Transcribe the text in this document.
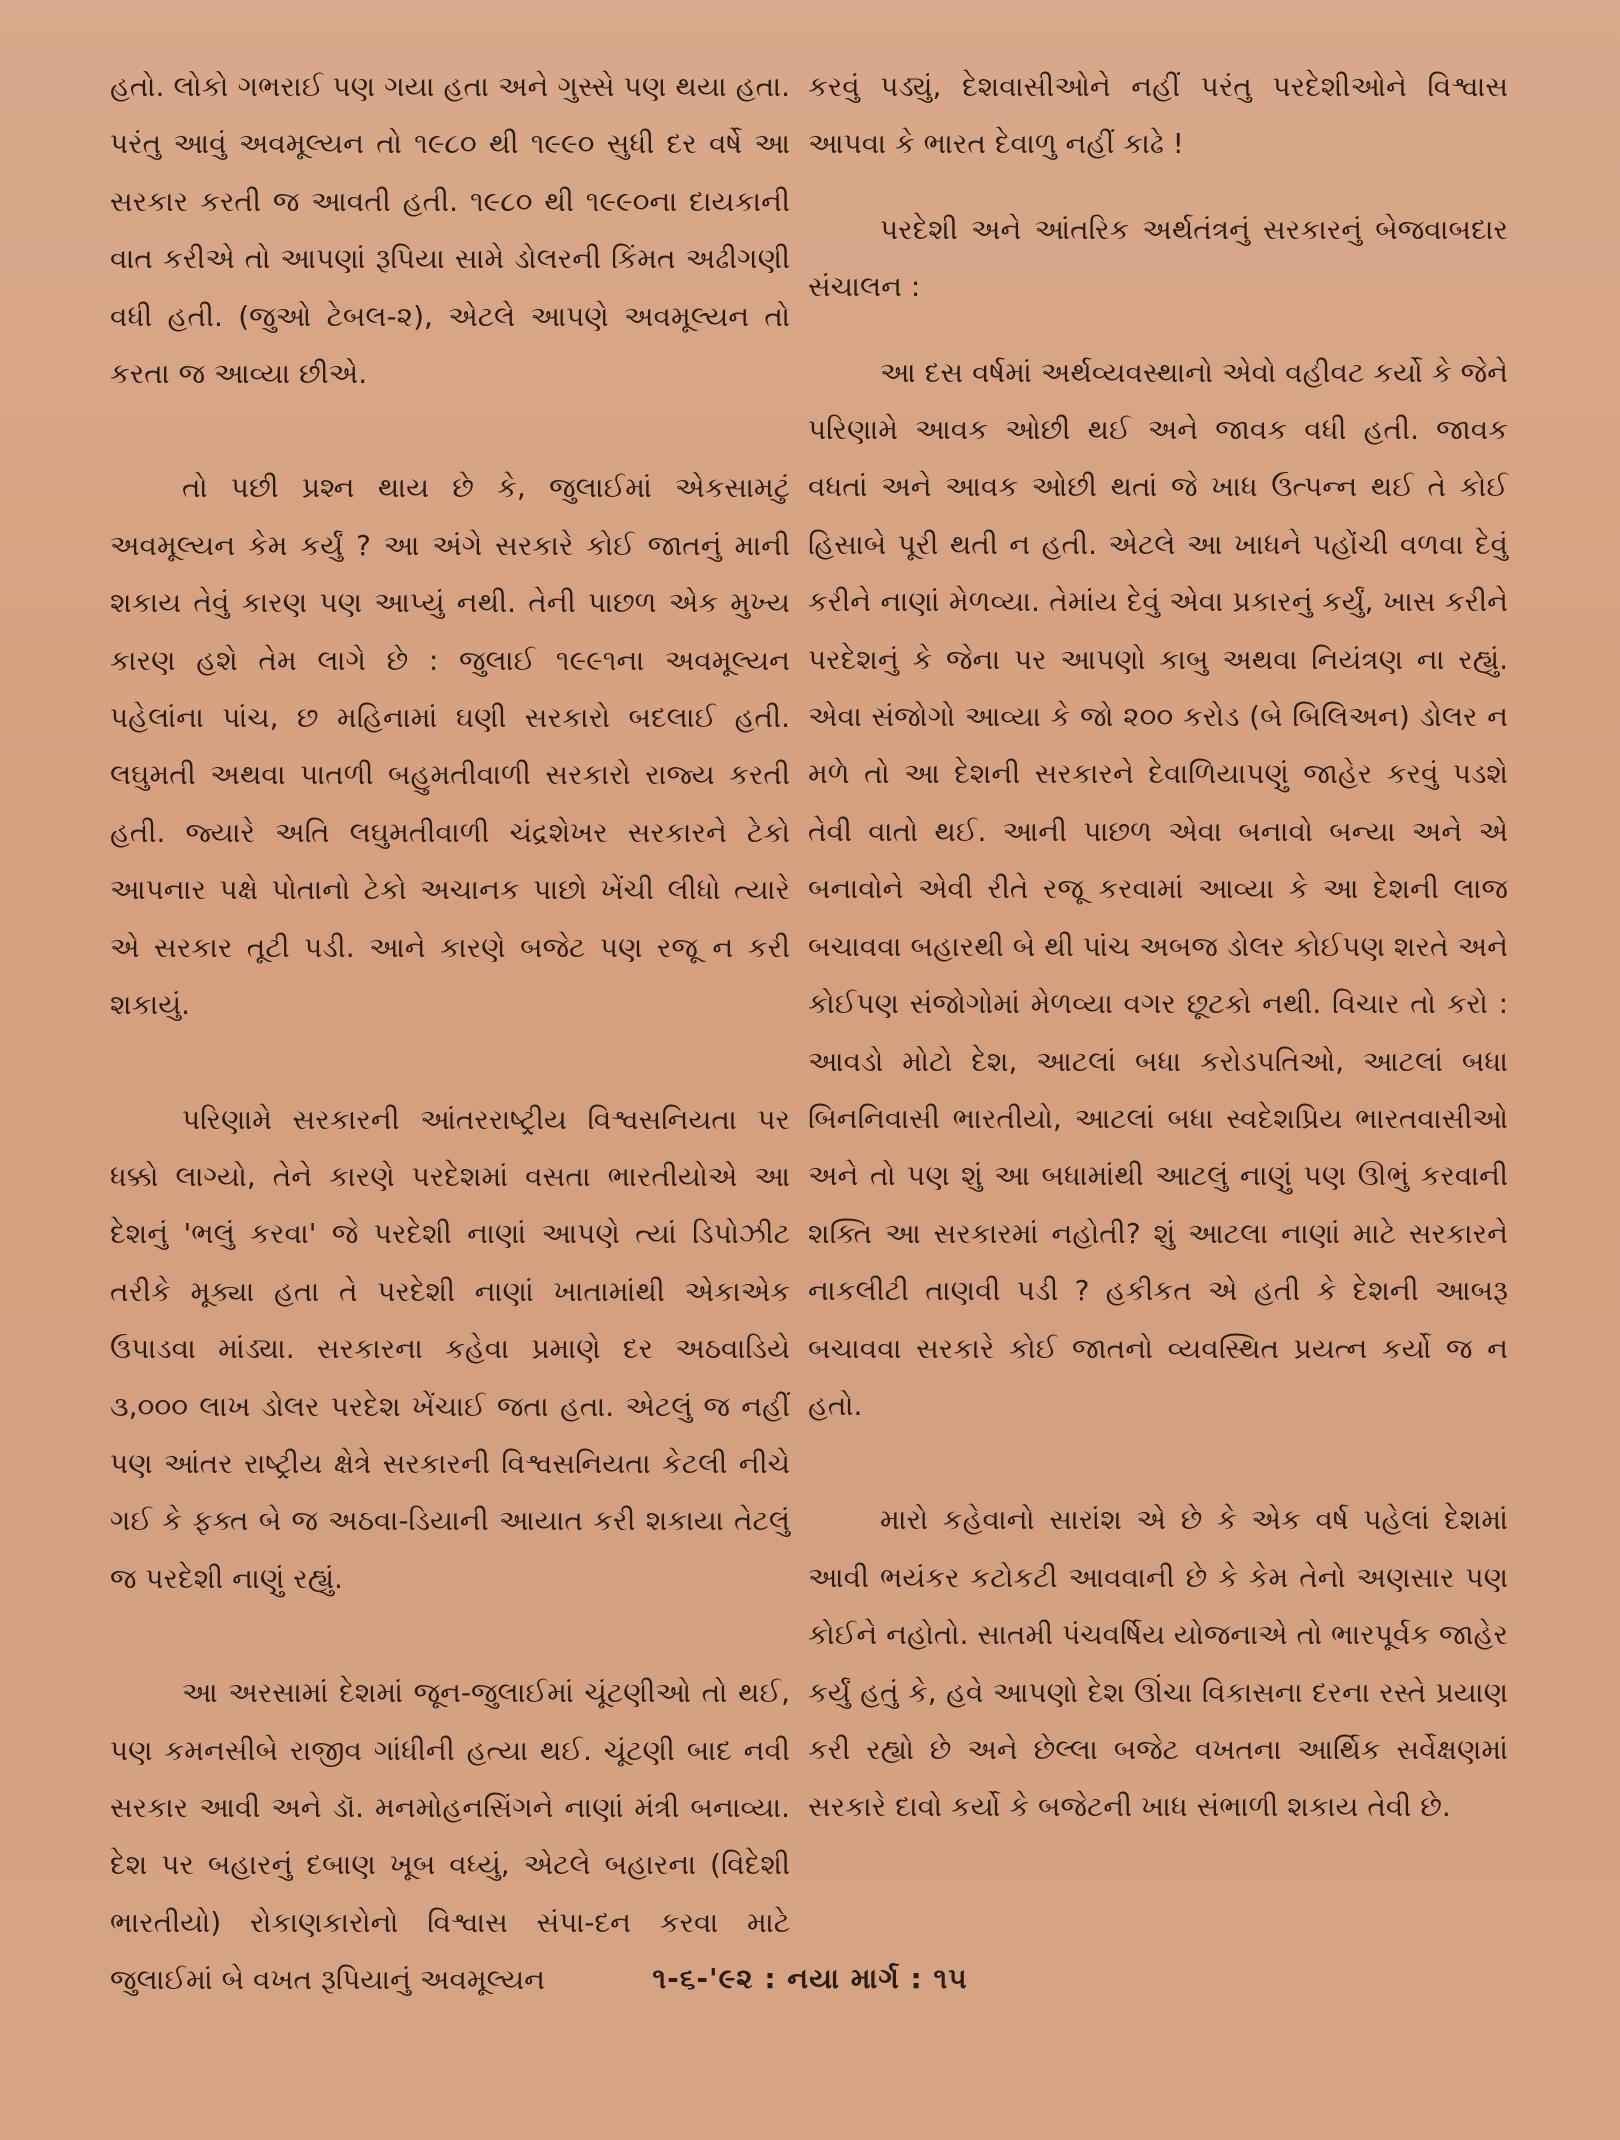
હતો. લોકો ગભરાઈ પણ ગયા હતા અને ગુસ્સે પણ થયા હતા. પરંતુ આવું અવમૂલ્યન તો ૧૯૮૦ થી ૧૯૯૦ સુધી દર વર્ષે આ સરકાર કરતી જ આવતી હતી. ૧૯૮૦ થી ૧૯૯૦ના દાયકાની વાત કરીએ તો આપણાં રૂપિયા સામે ડોલરની કિંમત અઢીગણી વધી હતી. (જુઓ ટેબલ-૨), એટલે આપણે અવમૂલ્યન તો કરતા જ આવ્યા છીએ.

તો પછી પ્રશ્ન થાય છે કે, જુલાઈમાં એકસામટું અવમૂલ્યન કેમ કર્યું ? આ અંગે સરકારે કોઈ જાતનું માની શકાય તેવું કારણ પણ આપ્યું નથી. તેની પાછળ એક મુખ્ય કારણ હશે તેમ લાગે છે : જુલાઈ ૧૯૯૧ના અવમૂલ્યન પહેલાંના પાંચ, છ મહિનામાં ઘણી સરકારો બદલાઈ હતી. લઘુમતી અથવા પાતળી બહુમતીવાળી સરકારો રાજ્ય કરતી હતી. જ્યારે અતિ લઘુમતીવાળી ચંદ્રશેખર સરકારને ટેકો આપનાર પક્ષે પોતાનો ટેકો અચાનક પાછો ખેંચી લીધો ત્યારે એ સરકાર તૂટી પડી. આને કારણે બજેટ પણ રજૂ ન કરી શકાયું.

પરિણામે સરકારની આંતરરાષ્ટ્રીય વિશ્વસનિયતા પર ધક્કો લાગ્યો, તેને કારણે પરદેશમાં વસતા ભારતીયોએ આ દેશનું 'ભલું કરવા' જે પરદેશી નાણાં આપણે ત્યાં ડિપોઝીટ તરીકે મૂક્યા હતા તે પરદેશી નાણાં ખાતામાંથી એકાએક ઉપાડવા માંડ્યા. સરકારના કહેવા પ્રમાણે દર અઠવાડિયે ૩,૦૦૦ લાખ ડોલર પરદેશ ખેંચાઈ જતા હતા. એટલું જ નહીં પણ આંતર રાષ્ટ્રીય ક્ષેત્રે સરકારની વિશ્વસનિયતા કેટલી નીચે ગઈ કે ફક્ત બે જ અઠવા-ડિયાની આયાત કરી શકાયા તેટલું જ પરદેશી નાણું રહ્યું.

આ અરસામાં દેશમાં જૂન-જુલાઈમાં ચૂંટણીઓ તો થઈ, પણ કમનસીબે રાજીવ ગાંધીની હત્યા થઈ. ચૂંટણી બાદ નવી સરકાર આવી અને ડૉ. મનમોહનસિંગને નાણાં મંત્રી બનાવ્યા. દેશ પર બહારનું દબાણ ખૂબ વધ્યું, એટલે બહારના (વિદેશી ભારતીયો) રોકાણકારોનો વિશ્વાસ સંપા-દન કરવા માટે જુલાઈમાં બે વખત રૂપિયાનું અવમૂલ્યન

કરવું પડ્યું, દેશવાસીઓને નહીં પરંતુ પરદેશીઓને વિશ્વાસ આપવા કે ભારત દેવાળુ નહીં કાઢે !

પરદેશી અને આંતરિક અર્થતંત્રનું સરકારનું બેજવાબદાર સંચાલન :

આ દસ વર્ષમાં અર્થવ્યવસ્થાનો એવો વહીવટ કર્યો કે જેને પરિણામે આવક ઓછી થઈ અને જાવક વધી હતી. જાવક વધતાં અને આવક ઓછી થતાં જે ખાધ ઉત્પન્ન થઈ તે કોઈ હિસાબે પૂરી થતી ન હતી. એટલે આ ખાધને પહોંચી વળવા દેવું કરીને નાણાં મેળવ્યા. તેમાંય દેવું એવા પ્રકારનું કર્યું, ખાસ કરીને પરદેશનું કે જેના પર આપણો કાબુ અથવા નિયંત્રણ ના રહ્યું. એવા સંજોગો આવ્યા કે જો ૨૦૦ કરોડ (બે બિલિઅન) ડોલર ન મળે તો આ દેશની સરકારને દેવાળિયાપણું જાહેર કરવું પડશે તેવી વાતો થઈ. આની પાછળ એવા બનાવો બન્યા અને એ બનાવોને એવી રીતે રજૂ કરવામાં આવ્યા કે આ દેશની લાજ બચાવવા બહારથી બે થી પાંચ અબજ ડોલર કોઈપણ શરતે અને કોઈપણ સંજોગોમાં મેળવ્યા વગર છૂટકો નથી. વિચાર તો કરો : આવડો મોટો દેશ, આટલાં બધા કરોડપતિઓ, આટલાં બધા બિનનિવાસી ભારતીયો, આટલાં બધા સ્વદેશપ્રિય ભારતવાસીઓ અને તો પણ શું આ બધામાંથી આટલું નાણું પણ ઊભું કરવાની શક્તિ આ સરકારમાં નહોતી? શું આટલા નાણાં માટે સરકારને નાકલીટી તાણવી પડી ? હકીકત એ હતી કે દેશની આબરૂ બચાવવા સરકારે કોઈ જાતનો વ્યવસ્થિત પ્રયત્ન કર્યો જ ન હતો.

મારો કહેવાનો સારાંશ એ છે કે એક વર્ષ પહેલાં દેશમાં આવી ભયંકર કટોકટી આવવાની છે કે કેમ તેનો અણસાર પણ કોઈને નહોતો. સાતમી પંચવર્ષિય યોજનાએ તો ભારપૂર્વક જાહેર કર્યું હતું કે, હવે આપણો દેશ ઊંચા વિકાસના દરના રસ્તે પ્રયાણ કરી રહ્યો છે અને છેલ્લા બજેટ વખતના આર્થિક સર્વેક્ષણમાં સરકારે દાવો કર્યો કે બજેટની ખાધ સંભાળી શકાય તેવી છે.

૧-૬-'૯૨ : નયા માર્ગ : ૧૫
